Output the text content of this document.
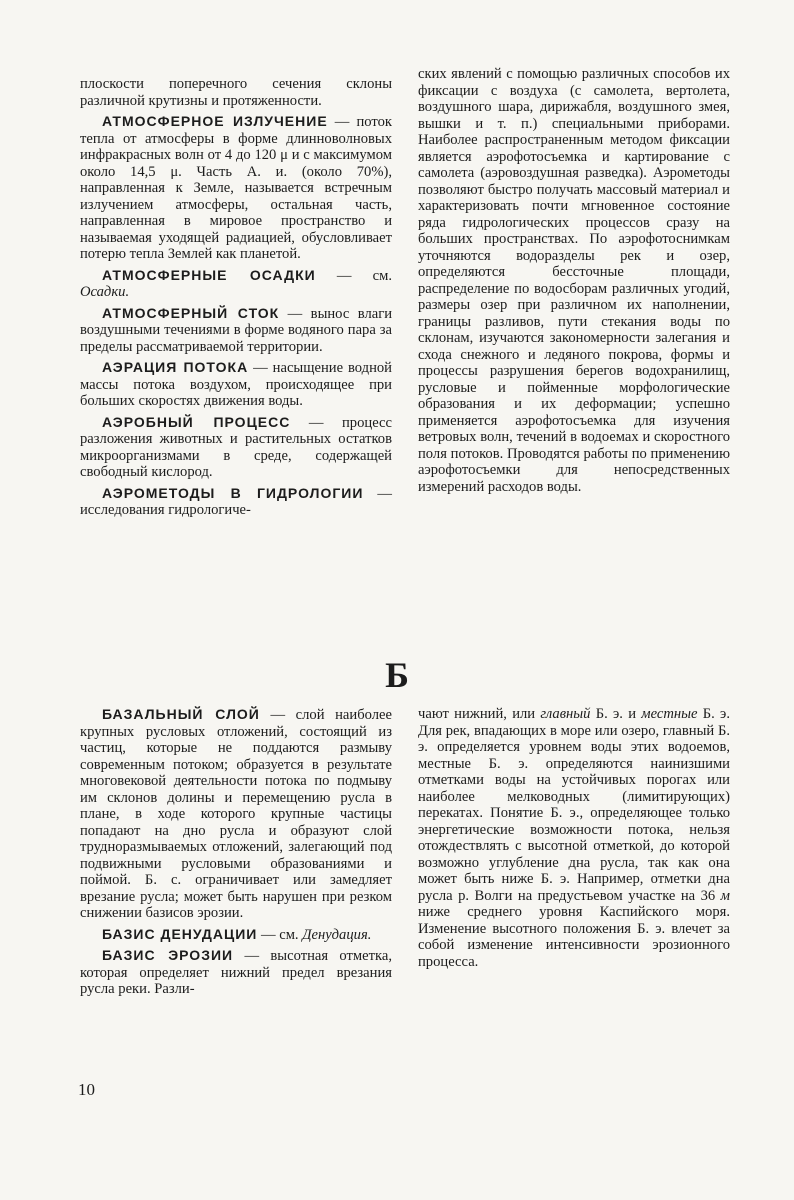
плоскости поперечного сечения склоны различной крутизны и протяженности.

АТМОСФЕРНОЕ ИЗЛУЧЕНИЕ — поток тепла от атмосферы в форме длинноволновых инфракрасных волн от 4 до 120 μ и с максимумом около 14,5 μ. Часть А. и. (около 70%), направленная к Земле, называется встречным излучением атмосферы, остальная часть, направленная в мировое пространство и называемая уходящей радиацией, обусловливает потерю тепла Землей как планетой.

АТМОСФЕРНЫЕ ОСАДКИ — см. Осадки.

АТМОСФЕРНЫЙ СТОК — вынос влаги воздушными течениями в форме водяного пара за пределы рассматриваемой территории.

АЭРАЦИЯ ПОТОКА — насыщение водной массы потока воздухом, происходящее при больших скоростях движения воды.

АЭРОБНЫЙ ПРОЦЕСС — процесс разложения животных и растительных остатков микроорганизмами в среде, содержащей свободный кислород.

АЭРОМЕТОДЫ В ГИДРОЛОГИИ — исследования гидрологиче-

ских явлений с помощью различных способов их фиксации с воздуха (с самолета, вертолета, воздушного шара, дирижабля, воздушного змея, вышки и т. п.) специальными приборами. Наиболее распространенным методом фиксации является аэрофотосъемка и картирование с самолета (аэровоздушная разведка). Аэрометоды позволяют быстро получать массовый материал и характеризовать почти мгновенное состояние ряда гидрологических процессов сразу на больших пространствах. По аэрофотоснимкам уточняются водоразделы рек и озер, определяются бессточные площади, распределение по водосборам различных угодий, размеры озер при различном их наполнении, границы разливов, пути стекания воды по склонам, изучаются закономерности залегания и схода снежного и ледяного покрова, формы и процессы разрушения берегов водохранилищ, русловые и пойменные морфологические образования и их деформации; успешно применяется аэрофотосъемка для изучения ветровых волн, течений в водоемах и скоростного поля потоков. Проводятся работы по применению аэрофотосъемки для непосредственных измерений расходов воды.

Б

БАЗАЛЬНЫЙ СЛОЙ — слой наиболее крупных русловых отложений, состоящий из частиц, которые не поддаются размыву современным потоком; образуется в результате многовековой деятельности потока по подмыву им склонов долины и перемещению русла в плане, в ходе которого крупные частицы попадают на дно русла и образуют слой трудноразмываемых отложений, залегающий под подвижными русловыми образованиями и поймой. Б. с. ограничивает или замедляет врезание русла; может быть нарушен при резком снижении базисов эрозии.

БАЗИС ДЕНУДАЦИИ — см. Денудация.

БАЗИС ЭРОЗИИ — высотная отметка, которая определяет нижний предел врезания русла реки. Разли-

чают нижний, или главный Б. э. и местные Б. э. Для рек, впадающих в море или озеро, главный Б. э. определяется уровнем воды этих водоемов, местные Б. э. определяются наинизшими отметками воды на устойчивых порогах или наиболее мелководных (лимитирующих) перекатах. Понятие Б. э., определяющее только энергетические возможности потока, нельзя отождествлять с высотной отметкой, до которой возможно углубление дна русла, так как она может быть ниже Б. э. Например, отметки дна русла р. Волги на предустьевом участке на 36 м ниже среднего уровня Каспийского моря. Изменение высотного положения Б. э. влечет за собой изменение интенсивности эрозионного процесса.

10
